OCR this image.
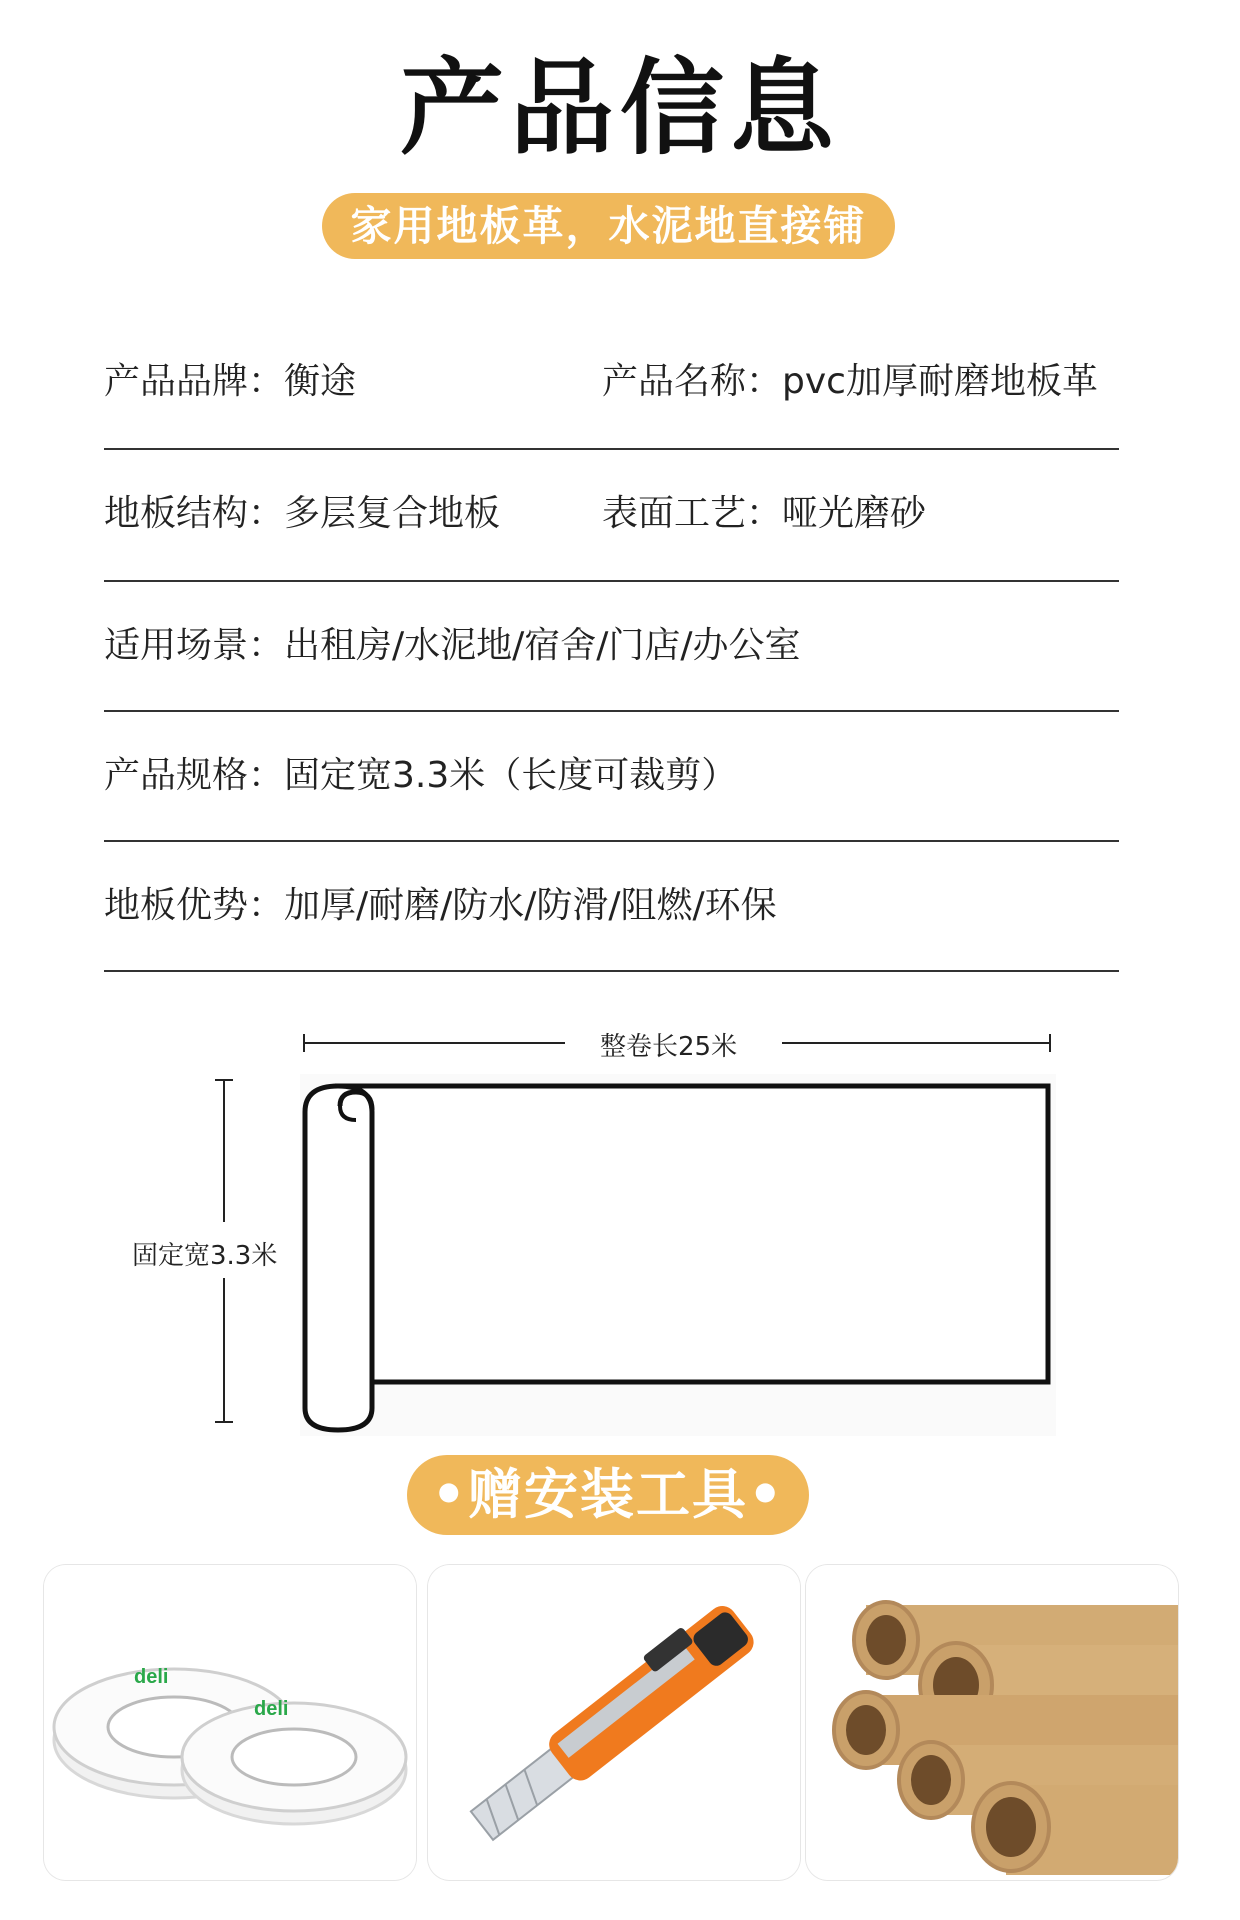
产品信息
家用地板革，水泥地直接铺
产品品牌：衡途	产品名称：pvc加厚耐磨地板革
地板结构：多层复合地板	表面工艺：哑光磨砂
适用场景：出租房/水泥地/宿舍/门店/办公室
产品规格：固定宽3.3米（长度可裁剪）
地板优势：加厚/耐磨/防水/防滑/阻燃/环保
整卷长25米
固定宽3.3米
•赠安装工具•
deli
deli
